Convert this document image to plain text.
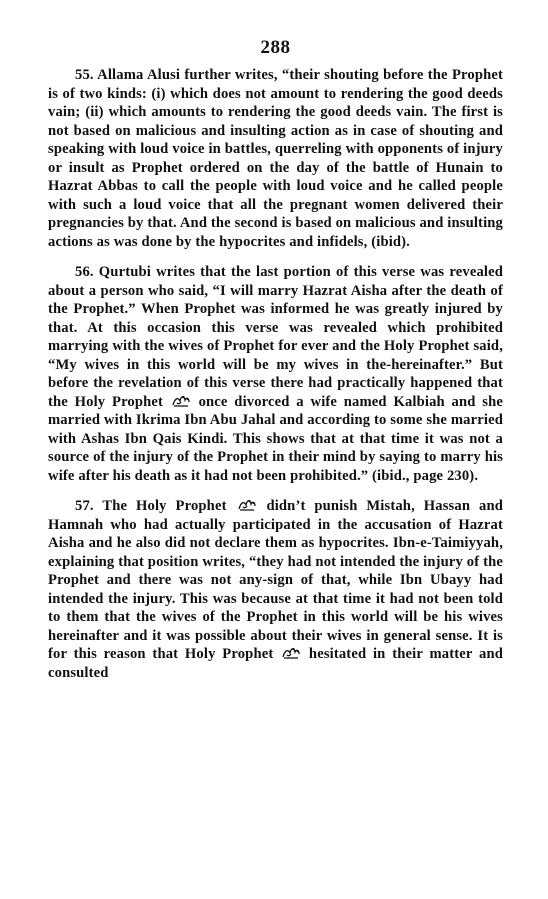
288

55. Allama Alusi further writes, “their shouting before the Prophet is of two kinds: (i) which does not amount to rendering the good deeds vain; (ii) which amounts to rendering the good deeds vain. The first is not based on malicious and insulting action as in case of shouting and speaking with loud voice in battles, querreling with opponents of injury or insult as Prophet ordered on the day of the battle of Hunain to Hazrat Abbas to call the people with loud voice and he called people with such a loud voice that all the pregnant women delivered their pregnancies by that. And the second is based on malicious and insulting actions as was done by the hypocrites and infidels, (ibid).

56. Qurtubi writes that the last portion of this verse was revealed about a person who said, “I will marry Hazrat Aisha after the death of the Prophet.” When Prophet was informed he was greatly injured by that. At this occasion this verse was revealed which prohibited marrying with the wives of Prophet for ever and the Holy Prophet said, “My wives in this world will be my wives in the-hereinafter.” But before the revelation of this verse there had practically happened that the Holy Prophet once divorced a wife named Kalbiah and she married with Ikrima Ibn Abu Jahal and according to some she married with Ashas Ibn Qais Kindi. This shows that at that time it was not a source of the injury of the Prophet in their mind by saying to marry his wife after his death as it had not been prohibited.” (ibid., page 230).

57. The Holy Prophet	didn’t punish Mistah, Hassan and Hamnah who had actually participated in the accusation of Hazrat Aisha and he also did not declare them as hypocrites. Ibn-e-Taimiyyah, explaining that position writes, “they had not intended the injury of the Prophet and there was not any-sign of that, while Ibn Ubayy had intended the injury. This was because at that time it had not been told to them that the wives of the Prophet in this world will be his wives hereinafter and it was possible about their wives in general sense. It is for this reason that Holy Prophet hesitated in their matter and consulted
